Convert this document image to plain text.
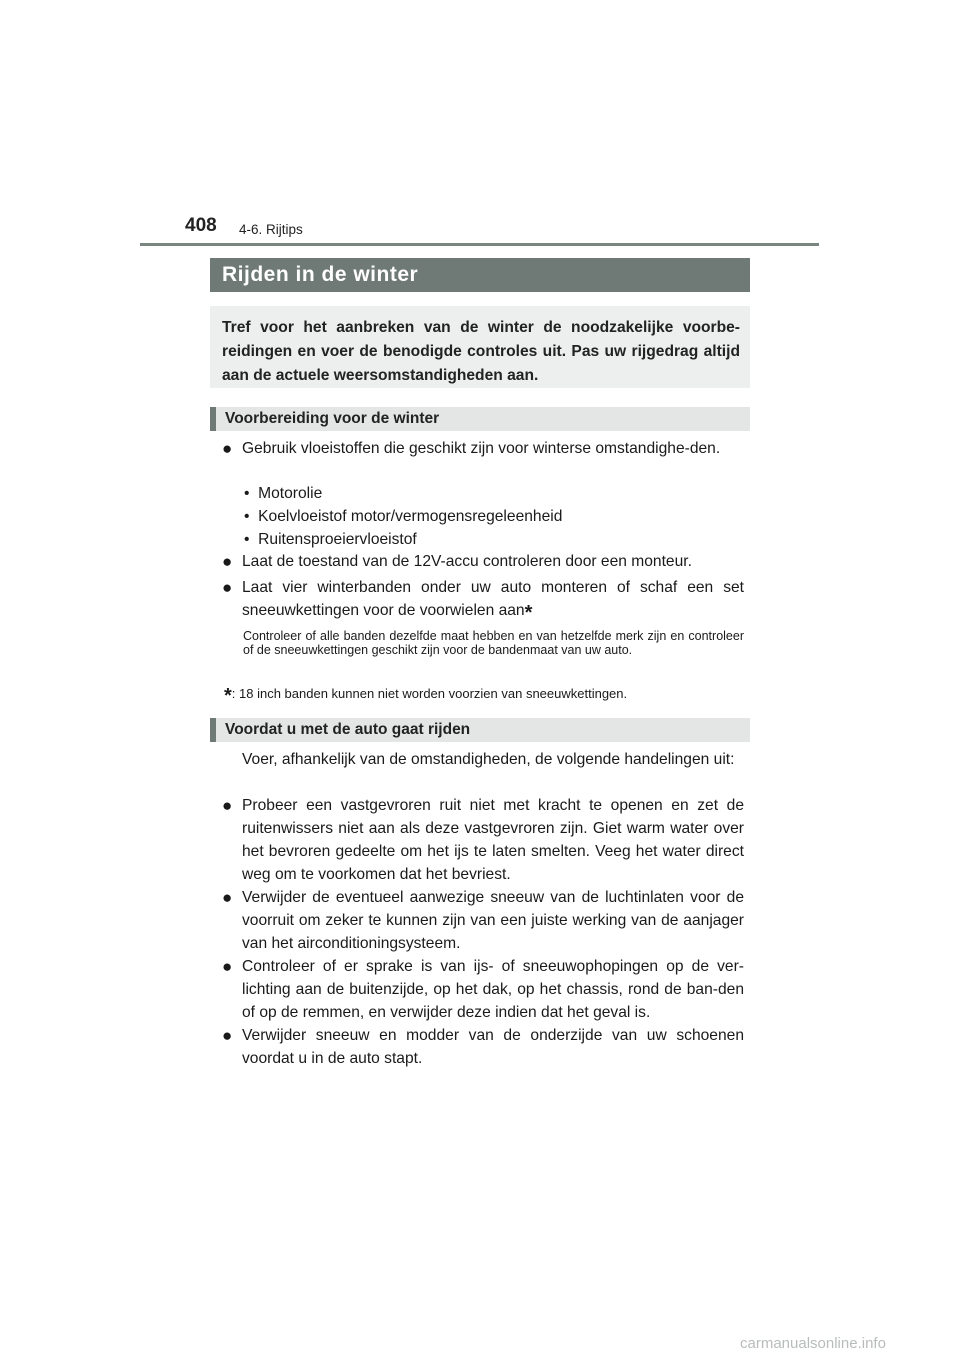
408 4-6. Rijtips
Rijden in de winter
Tref voor het aanbreken van de winter de noodzakelijke voorbe-reidingen en voer de benodigde controles uit. Pas uw rijgedrag altijd aan de actuele weersomstandigheden aan.
Voorbereiding voor de winter
● Gebruik vloeistoffen die geschikt zijn voor winterse omstandighe-den.
• Motorolie
• Koelvloeistof motor/vermogensregeleenheid
• Ruitensproeiervloeistof
● Laat de toestand van de 12V-accu controleren door een monteur.
● Laat vier winterbanden onder uw auto monteren of schaf een set sneeuwkettingen voor de voorwielen aan*
Controleer of alle banden dezelfde maat hebben en van hetzelfde merk zijn en controleer of de sneeuwkettingen geschikt zijn voor de bandenmaat van uw auto.
*: 18 inch banden kunnen niet worden voorzien van sneeuwkettingen.
Voordat u met de auto gaat rijden
Voer, afhankelijk van de omstandigheden, de volgende handelingen uit:
● Probeer een vastgevroren ruit niet met kracht te openen en zet de ruitenwissers niet aan als deze vastgevroren zijn. Giet warm water over het bevroren gedeelte om het ijs te laten smelten. Veeg het water direct weg om te voorkomen dat het bevriest.
● Verwijder de eventueel aanwezige sneeuw van de luchtinlaten voor de voorruit om zeker te kunnen zijn van een juiste werking van de aanjager van het airconditioningsysteem.
● Controleer of er sprake is van ijs- of sneeuwophopingen op de ver-lichting aan de buitenzijde, op het dak, op het chassis, rond de ban-den of op de remmen, en verwijder deze indien dat het geval is.
● Verwijder sneeuw en modder van de onderzijde van uw schoenen voordat u in de auto stapt.
carmanualsonline.info
